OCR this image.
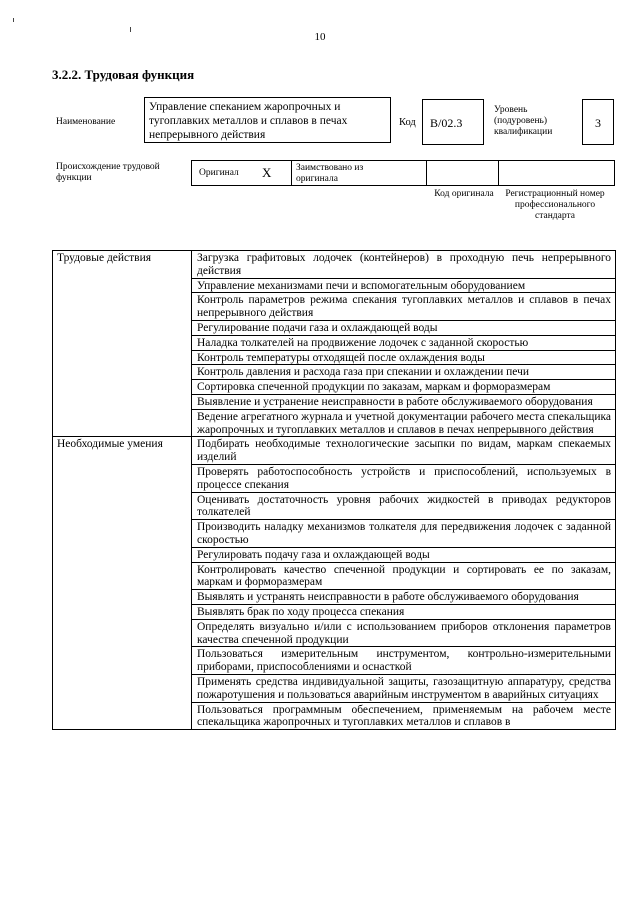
10
3.2.2. Трудовая функция
Наименование
Управление спеканием жаропрочных и тугоплавких металлов и сплавов в печах непрерывного действия
Код	B/02.3
Уровень (подуровень) квалификации
3
Происхождение трудовой функции	Оригинал X	Заимствовано из оригинала
Код оригинала Регистрационный номер профессионального стандарта
Трудовые действия	Загрузка графитовых лодочек (контейнеров) в проходную печь непрерывного действия
	Управление механизмами печи и вспомогательным оборудованием
	Контроль параметров режима спекания тугоплавких металлов и сплавов в печах непрерывного действия
	Регулирование подачи газа и охлаждающей воды
	Наладка толкателей на продвижение лодочек с заданной скоростью
	Контроль температуры отходящей после охлаждения воды
	Контроль давления и расхода газа при спекании и охлаждении печи
	Сортировка спеченной продукции по заказам, маркам и форморазмерам
	Выявление и устранение неисправности в работе обслуживаемого оборудования
	Ведение агрегатного журнала и учетной документации рабочего места спекальщика жаропрочных и тугоплавких металлов и сплавов в печах непрерывного действия
Необходимые умения	Подбирать необходимые технологические засыпки по видам, маркам спекаемых изделий
	Проверять работоспособность устройств и приспособлений, используемых в процессе спекания
	Оценивать достаточность уровня рабочих жидкостей в приводах редукторов толкателей
	Производить наладку механизмов толкателя для передвижения лодочек с заданной скоростью
	Регулировать подачу газа и охлаждающей воды
	Контролировать качество спеченной продукции и сортировать ее по заказам, маркам и форморазмерам
	Выявлять и устранять неисправности в работе обслуживаемого оборудования
	Выявлять брак по ходу процесса спекания
	Определять визуально и/или с использованием приборов отклонения параметров качества спеченной продукции
	Пользоваться измерительным инструментом, контрольно-измерительными приборами, приспособлениями и оснасткой
	Применять средства индивидуальной защиты, газозащитную аппаратуру, средства пожаротушения и пользоваться аварийным инструментом в аварийных ситуациях
	Пользоваться программным обеспечением, применяемым на рабочем месте спекальщика жаропрочных и тугоплавких металлов и сплавов в
